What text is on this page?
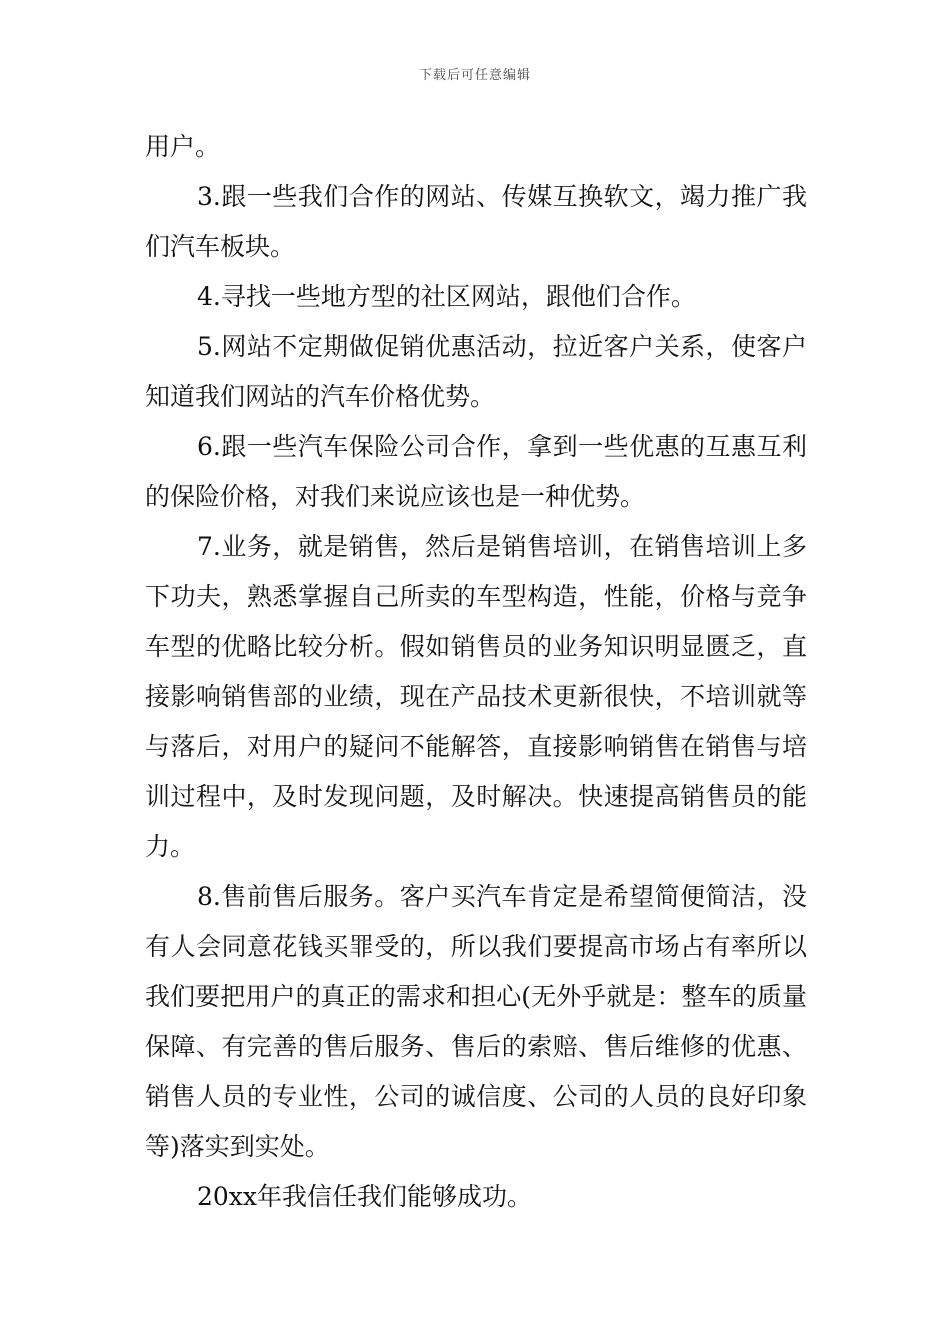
下载后可任意编辑

用户。

3.跟一些我们合作的网站、传媒互换软文，竭力推广我们汽车板块。

4.寻找一些地方型的社区网站，跟他们合作。

5.网站不定期做促销优惠活动，拉近客户关系，使客户知道我们网站的汽车价格优势。

6.跟一些汽车保险公司合作，拿到一些优惠的互惠互利的保险价格，对我们来说应该也是一种优势。

7.业务，就是销售，然后是销售培训，在销售培训上多下功夫，熟悉掌握自己所卖的车型构造，性能，价格与竞争车型的优略比较分析。假如销售员的业务知识明显匮乏，直接影响销售部的业绩，现在产品技术更新很快，不培训就等与落后，对用户的疑问不能解答，直接影响销售在销售与培训过程中，及时发现问题，及时解决。快速提高销售员的能力。

8.售前售后服务。客户买汽车肯定是希望简便简洁，没有人会同意花钱买罪受的，所以我们要提高市场占有率所以我们要把用户的真正的需求和担心(无外乎就是：整车的质量保障、有完善的售后服务、售后的索赔、售后维修的优惠、销售人员的专业性，公司的诚信度、公司的人员的良好印象等)落实到实处。

20xx年我信任我们能够成功。
